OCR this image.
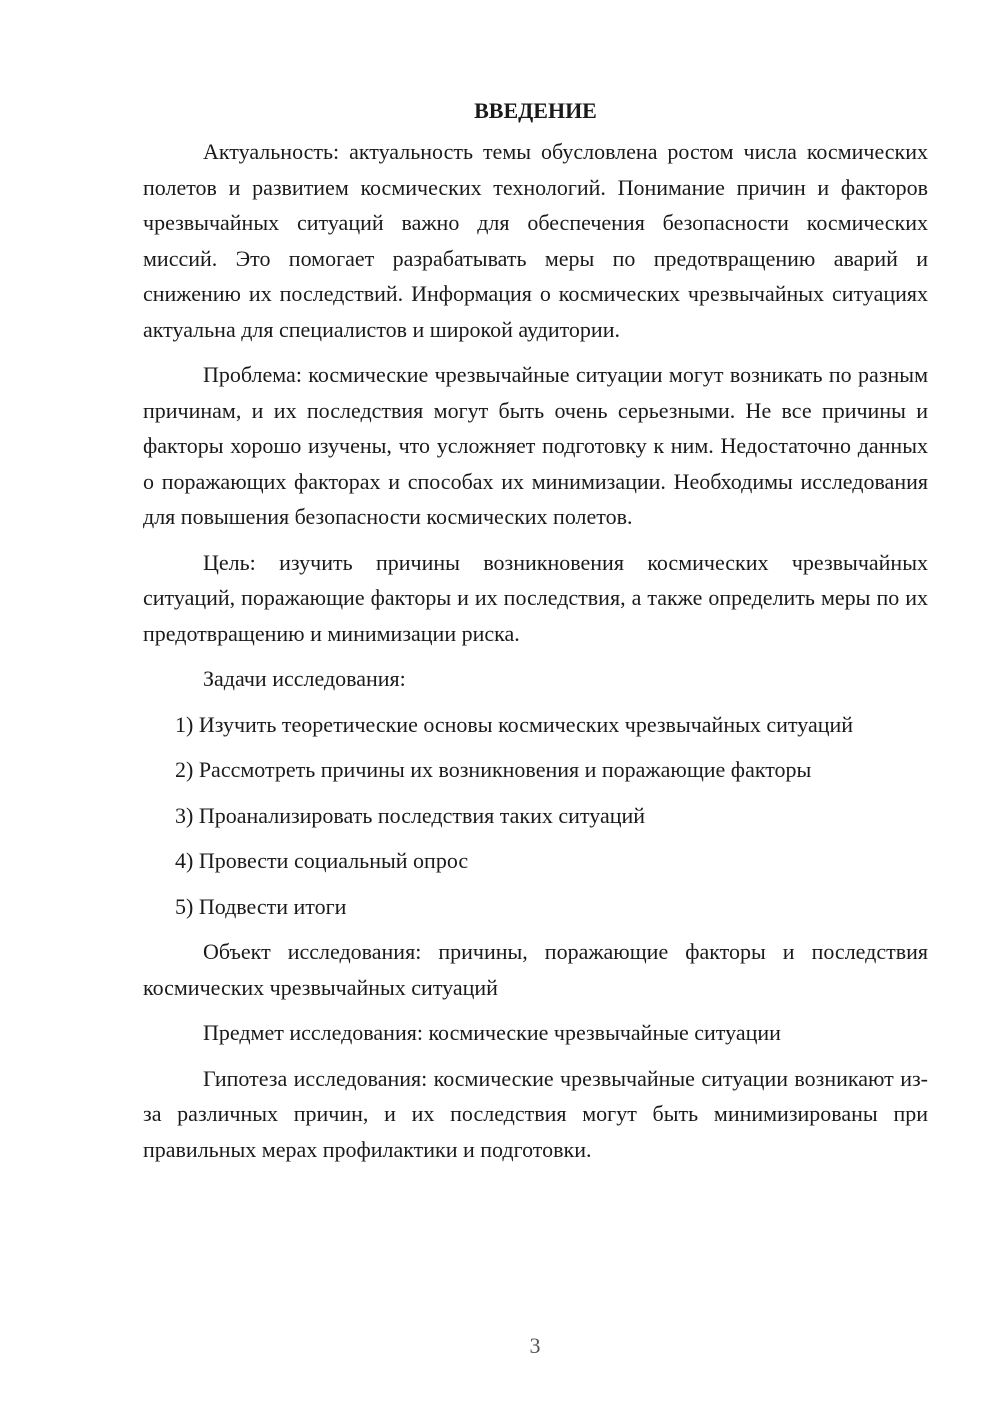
ВВЕДЕНИЕ

Актуальность: актуальность темы обусловлена ростом числа космических полетов и развитием космических технологий. Понимание причин и факторов чрезвычайных ситуаций важно для обеспечения безопасности космических миссий. Это помогает разрабатывать меры по предотвращению аварий и снижению их последствий. Информация о космических чрезвычайных ситуациях актуальна для специалистов и широкой аудитории.

Проблема: космические чрезвычайные ситуации могут возникать по разным причинам, и их последствия могут быть очень серьезными. Не все причины и факторы хорошо изучены, что усложняет подготовку к ним. Недостаточно данных о поражающих факторах и способах их минимизации. Необходимы исследования для повышения безопасности космических полетов.

Цель: изучить причины возникновения космических чрезвычайных ситуаций, поражающие факторы и их последствия, а также определить меры по их предотвращению и минимизации риска.

Задачи исследования:

1) Изучить теоретические основы космических чрезвычайных ситуаций

2) Рассмотреть причины их возникновения и поражающие факторы

3) Проанализировать последствия таких ситуаций

4) Провести социальный опрос

5) Подвести итоги

Объект исследования: причины, поражающие факторы и последствия космических чрезвычайных ситуаций

Предмет исследования: космические чрезвычайные ситуации

Гипотеза исследования: космические чрезвычайные ситуации возникают из-за различных причин, и их последствия могут быть минимизированы при правильных мерах профилактики и подготовки.

3
